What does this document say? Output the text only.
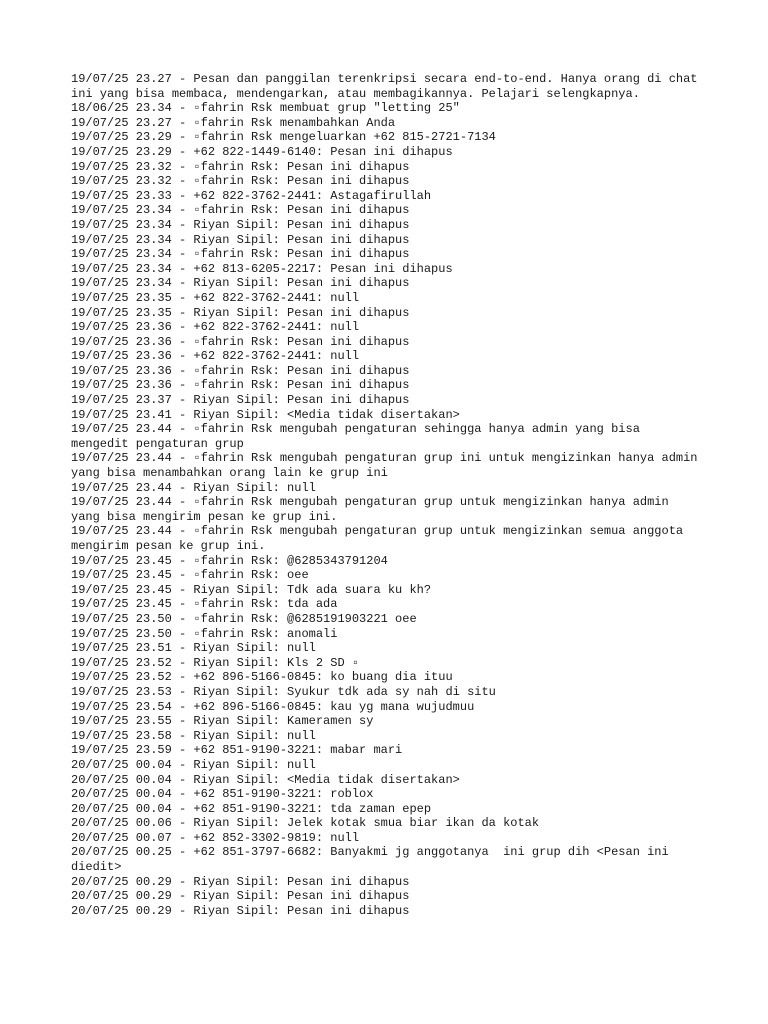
19/07/25 23.27 - Pesan dan panggilan terenkripsi secara end-to-end. Hanya orang di chat ini yang bisa membaca, mendengarkan, atau membagikannya. Pelajari selengkapnya.

18/06/25 23.34 - ▫fahrin Rsk membuat grup "letting 25"

19/07/25 23.27 - ▫fahrin Rsk menambahkan Anda

19/07/25 23.29 - ▫fahrin Rsk mengeluarkan +62 815-2721-7134

19/07/25 23.29 - +62 822-1449-6140: Pesan ini dihapus

19/07/25 23.32 - ▫fahrin Rsk: Pesan ini dihapus

19/07/25 23.32 - ▫fahrin Rsk: Pesan ini dihapus

19/07/25 23.33 - +62 822-3762-2441: Astagafirullah

19/07/25 23.34 - ▫fahrin Rsk: Pesan ini dihapus

19/07/25 23.34 - Riyan Sipil: Pesan ini dihapus

19/07/25 23.34 - Riyan Sipil: Pesan ini dihapus

19/07/25 23.34 - ▫fahrin Rsk: Pesan ini dihapus

19/07/25 23.34 - +62 813-6205-2217: Pesan ini dihapus

19/07/25 23.34 - Riyan Sipil: Pesan ini dihapus

19/07/25 23.35 - +62 822-3762-2441: null

19/07/25 23.35 - Riyan Sipil: Pesan ini dihapus

19/07/25 23.36 - +62 822-3762-2441: null

19/07/25 23.36 - ▫fahrin Rsk: Pesan ini dihapus

19/07/25 23.36 - +62 822-3762-2441: null

19/07/25 23.36 - ▫fahrin Rsk: Pesan ini dihapus

19/07/25 23.36 - ▫fahrin Rsk: Pesan ini dihapus

19/07/25 23.37 - Riyan Sipil: Pesan ini dihapus

19/07/25 23.41 - Riyan Sipil: <Media tidak disertakan>

19/07/25 23.44 - ▫fahrin Rsk mengubah pengaturan sehingga hanya admin yang bisa mengedit pengaturan grup

19/07/25 23.44 - ▫fahrin Rsk mengubah pengaturan grup ini untuk mengizinkan hanya admin yang bisa menambahkan orang lain ke grup ini

19/07/25 23.44 - Riyan Sipil: null

19/07/25 23.44 - ▫fahrin Rsk mengubah pengaturan grup untuk mengizinkan hanya admin yang bisa mengirim pesan ke grup ini.

19/07/25 23.44 - ▫fahrin Rsk mengubah pengaturan grup untuk mengizinkan semua anggota mengirim pesan ke grup ini.

19/07/25 23.45 - ▫fahrin Rsk: @6285343791204

19/07/25 23.45 - ▫fahrin Rsk: oee

19/07/25 23.45 - Riyan Sipil: Tdk ada suara ku kh?

19/07/25 23.45 - ▫fahrin Rsk: tda ada

19/07/25 23.50 - ▫fahrin Rsk: @6285191903221 oee

19/07/25 23.50 - ▫fahrin Rsk: anomali

19/07/25 23.51 - Riyan Sipil: null

19/07/25 23.52 - Riyan Sipil: Kls 2 SD ▫

19/07/25 23.52 - +62 896-5166-0845: ko buang dia ituu

19/07/25 23.53 - Riyan Sipil: Syukur tdk ada sy nah di situ

19/07/25 23.54 - +62 896-5166-0845: kau yg mana wujudmuu

19/07/25 23.55 - Riyan Sipil: Kameramen sy

19/07/25 23.58 - Riyan Sipil: null

19/07/25 23.59 - +62 851-9190-3221: mabar mari

20/07/25 00.04 - Riyan Sipil: null

20/07/25 00.04 - Riyan Sipil: <Media tidak disertakan>

20/07/25 00.04 - +62 851-9190-3221: roblox

20/07/25 00.04 - +62 851-9190-3221: tda zaman epep

20/07/25 00.06 - Riyan Sipil: Jelek kotak smua biar ikan da kotak

20/07/25 00.07 - +62 852-3302-9819: null

20/07/25 00.25 - +62 851-3797-6682: Banyakmi jg anggotanya  ini grup dih <Pesan ini diedit>

20/07/25 00.29 - Riyan Sipil: Pesan ini dihapus

20/07/25 00.29 - Riyan Sipil: Pesan ini dihapus

20/07/25 00.29 - Riyan Sipil: Pesan ini dihapus
